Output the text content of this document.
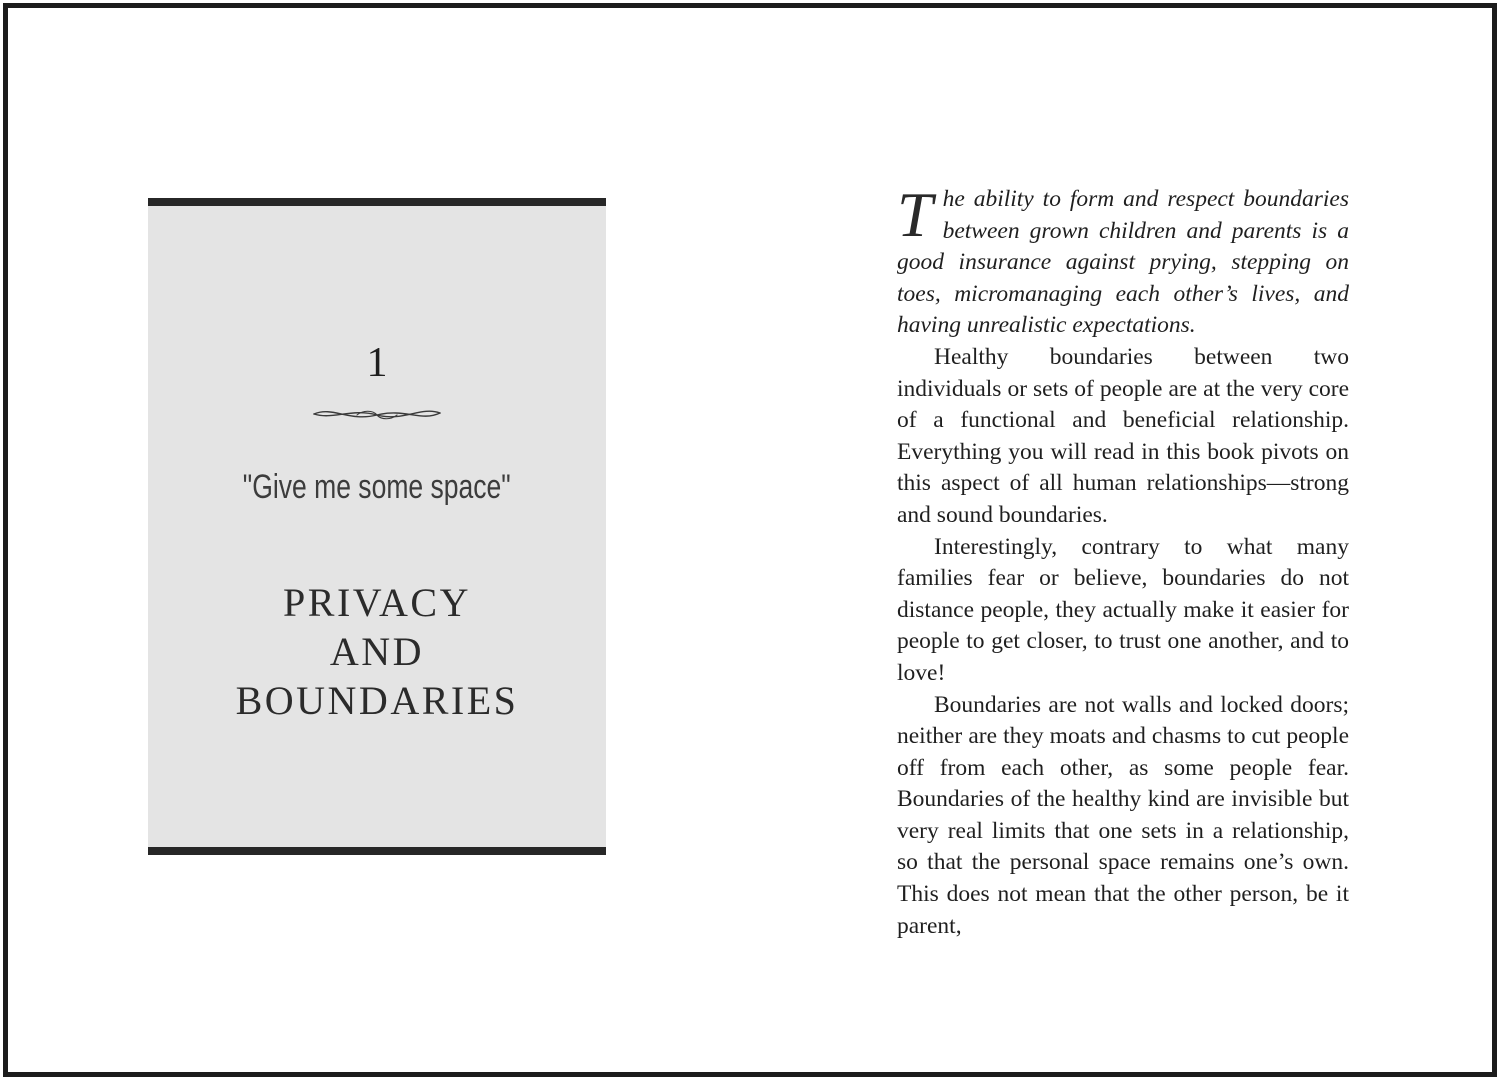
1
"Give me some space"
PRIVACY
AND
BOUNDARIES

The ability to form and respect boundaries between grown children and parents is a good insurance against prying, stepping on toes, micromanaging each other’s lives, and having unrealistic expectations.

Healthy boundaries between two individuals or sets of people are at the very core of a functional and beneficial relationship. Everything you will read in this book pivots on this aspect of all human relationships—strong and sound boundaries.

Interestingly, contrary to what many families fear or believe, boundaries do not distance people, they actually make it easier for people to get closer, to trust one another, and to love!

Boundaries are not walls and locked doors; neither are they moats and chasms to cut people off from each other, as some people fear. Boundaries of the healthy kind are invisible but very real limits that one sets in a relationship, so that the personal space remains one’s own. This does not mean that the other person, be it parent,
